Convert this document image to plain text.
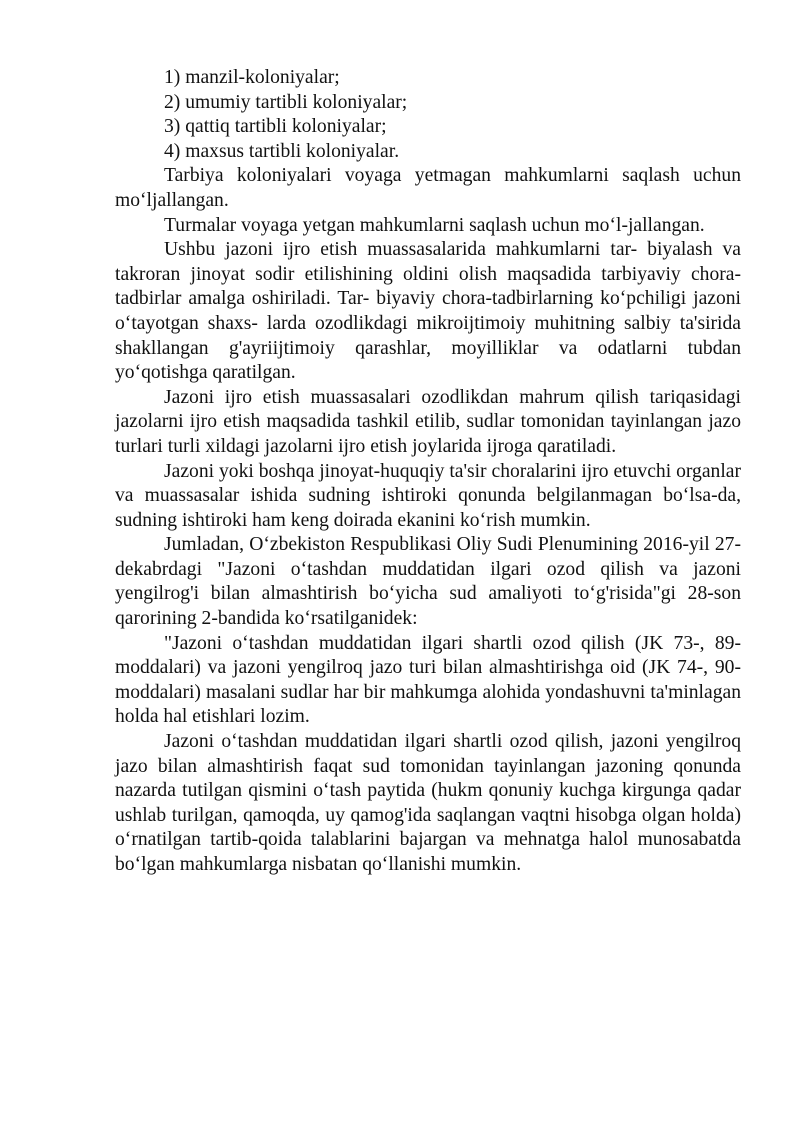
1) manzil-koloniyalar;

2) umumiy tartibli koloniyalar;

3) qattiq tartibli koloniyalar;

4) maxsus tartibli koloniyalar.

Tarbiya koloniyalari voyaga yetmagan mahkumlarni saqlash uchun mo‘ljallangan.

Turmalar voyaga yetgan mahkumlarni saqlash uchun mo‘l-jallangan.

Ushbu jazoni ijro etish muassasalarida mahkumlarni tar- biyalash va takroran jinoyat sodir etilishining oldini olish maqsadida tarbiyaviy chora-tadbirlar amalga oshiriladi. Tar- biyaviy chora-tadbirlarning ko‘pchiligi jazoni o‘tayotgan shaxs- larda ozodlikdagi mikroijtimoiy muhitning salbiy ta'sirida shakllangan g'ayriijtimoiy qarashlar, moyilliklar va odatlarni tubdan yo‘qotishga qaratilgan.

Jazoni ijro etish muassasalari ozodlikdan mahrum qilish tariqasidagi jazolarni ijro etish maqsadida tashkil etilib, sudlar tomonidan tayinlangan jazo turlari turli xildagi jazolarni ijro etish joylarida ijroga qaratiladi.

Jazoni yoki boshqa jinoyat-huquqiy ta'sir choralarini ijro etuvchi organlar va muassasalar ishida sudning ishtiroki qonunda belgilanmagan bo‘lsa-da, sudning ishtiroki ham keng doirada ekanini ko‘rish mumkin.

Jumladan, O‘zbekiston Respublikasi Oliy Sudi Plenumining 2016-yil 27-dekabrdagi "Jazoni o‘tashdan muddatidan ilgari ozod qilish va jazoni yengilrog'i bilan almashtirish bo‘yicha sud amaliyoti to‘g'risida"gi 28-son qarorining 2-bandida ko‘rsatilganidek:

"Jazoni o‘tashdan muddatidan ilgari shartli ozod qilish (JK 73-, 89-moddalari) va jazoni yengilroq jazo turi bilan almashtirishga oid (JK 74-, 90-moddalari) masalani sudlar har bir mahkumga alohida yondashuvni ta'minlagan holda hal etishlari lozim.

Jazoni o‘tashdan muddatidan ilgari shartli ozod qilish, jazoni yengilroq jazo bilan almashtirish faqat sud tomonidan tayinlangan jazoning qonunda nazarda tutilgan qismini o‘tash paytida (hukm qonuniy kuchga kirgunga qadar ushlab turilgan, qamoqda, uy qamog'ida saqlangan vaqtni hisobga olgan holda) o‘rnatilgan tartib-qoida talablarini bajargan va mehnatga halol munosabatda bo‘lgan mahkumlarga nisbatan qo‘llanishi mumkin.
